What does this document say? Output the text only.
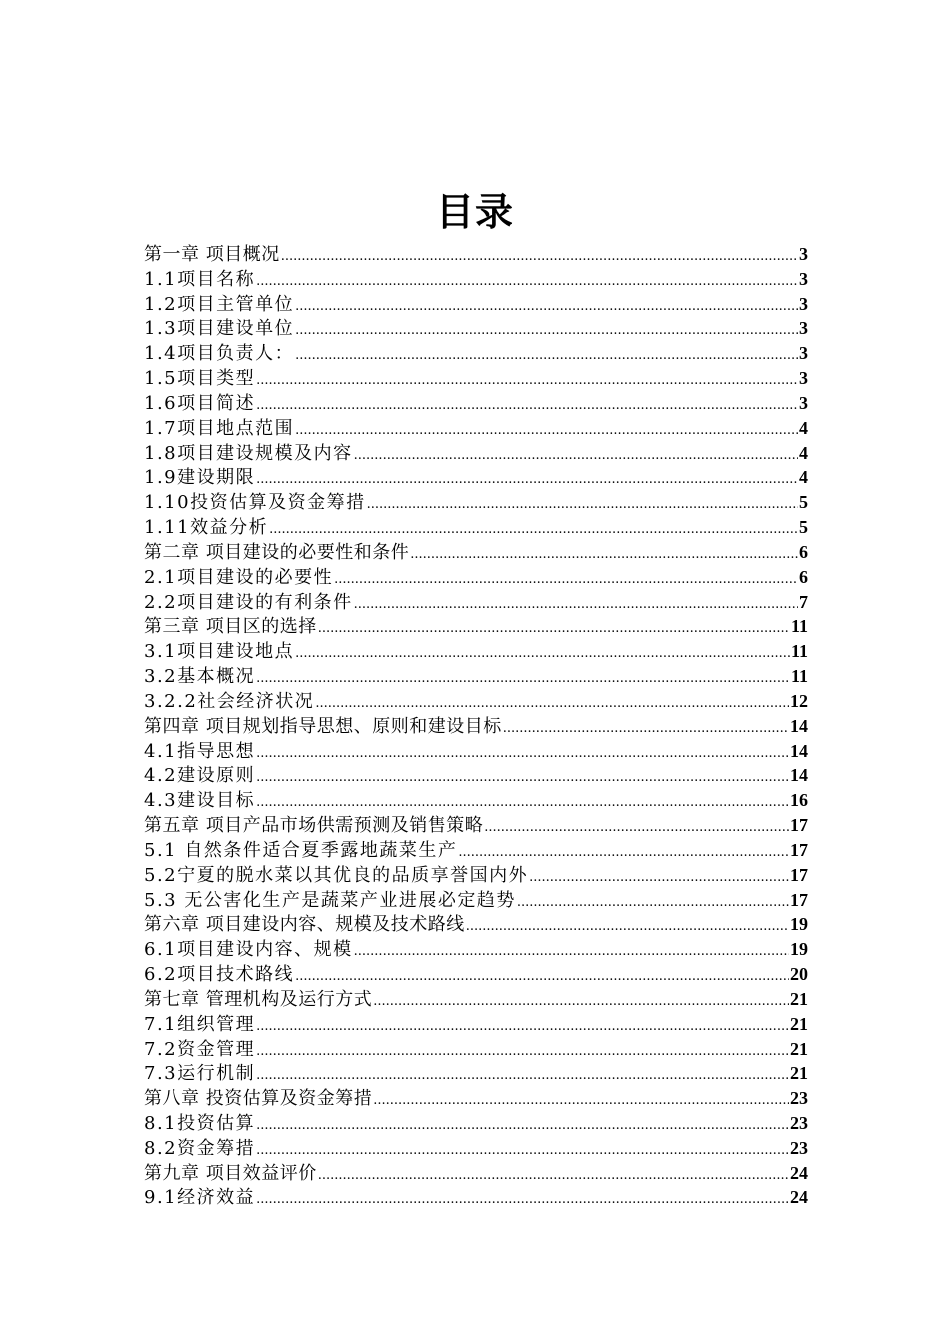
目录
第一章 项目概况 .....	3
1.1项目名称 .....	3
1.2项目主管单位 .....	3
1.3项目建设单位 .....	3
1.4项目负责人： .....	3
1.5项目类型 .....	3
1.6项目简述 .....	3
1.7项目地点范围 .....	4
1.8项目建设规模及内容 .....	4
1.9建设期限 .....	4
1.10投资估算及资金筹措 .....	5
1.11效益分析 .....	5
第二章 项目建设的必要性和条件 .....	6
2.1项目建设的必要性 .....	6
2.2项目建设的有利条件 .....	7
第三章 项目区的选择 .....	11
3.1项目建设地点 .....	11
3.2基本概况 .....	11
3.2.2社会经济状况 .....	12
第四章 项目规划指导思想、原则和建设目标 .....	14
4.1指导思想 .....	14
4.2建设原则 .....	14
4.3建设目标 .....	16
第五章 项目产品市场供需预测及销售策略 .....	17
5.1 自然条件适合夏季露地蔬菜生产 .....	17
5.2宁夏的脱水菜以其优良的品质享誉国内外 .....	17
5.3 无公害化生产是蔬菜产业进展必定趋势 .....	17
第六章 项目建设内容、规模及技术路线 .....	19
6.1项目建设内容、规模 .....	19
6.2项目技术路线 .....	20
第七章 管理机构及运行方式 .....	21
7.1组织管理 .....	21
7.2资金管理 .....	21
7.3运行机制 .....	21
第八章 投资估算及资金筹措 .....	23
8.1投资估算 .....	23
8.2资金筹措 .....	23
第九章 项目效益评价 .....	24
9.1经济效益 .....	24
